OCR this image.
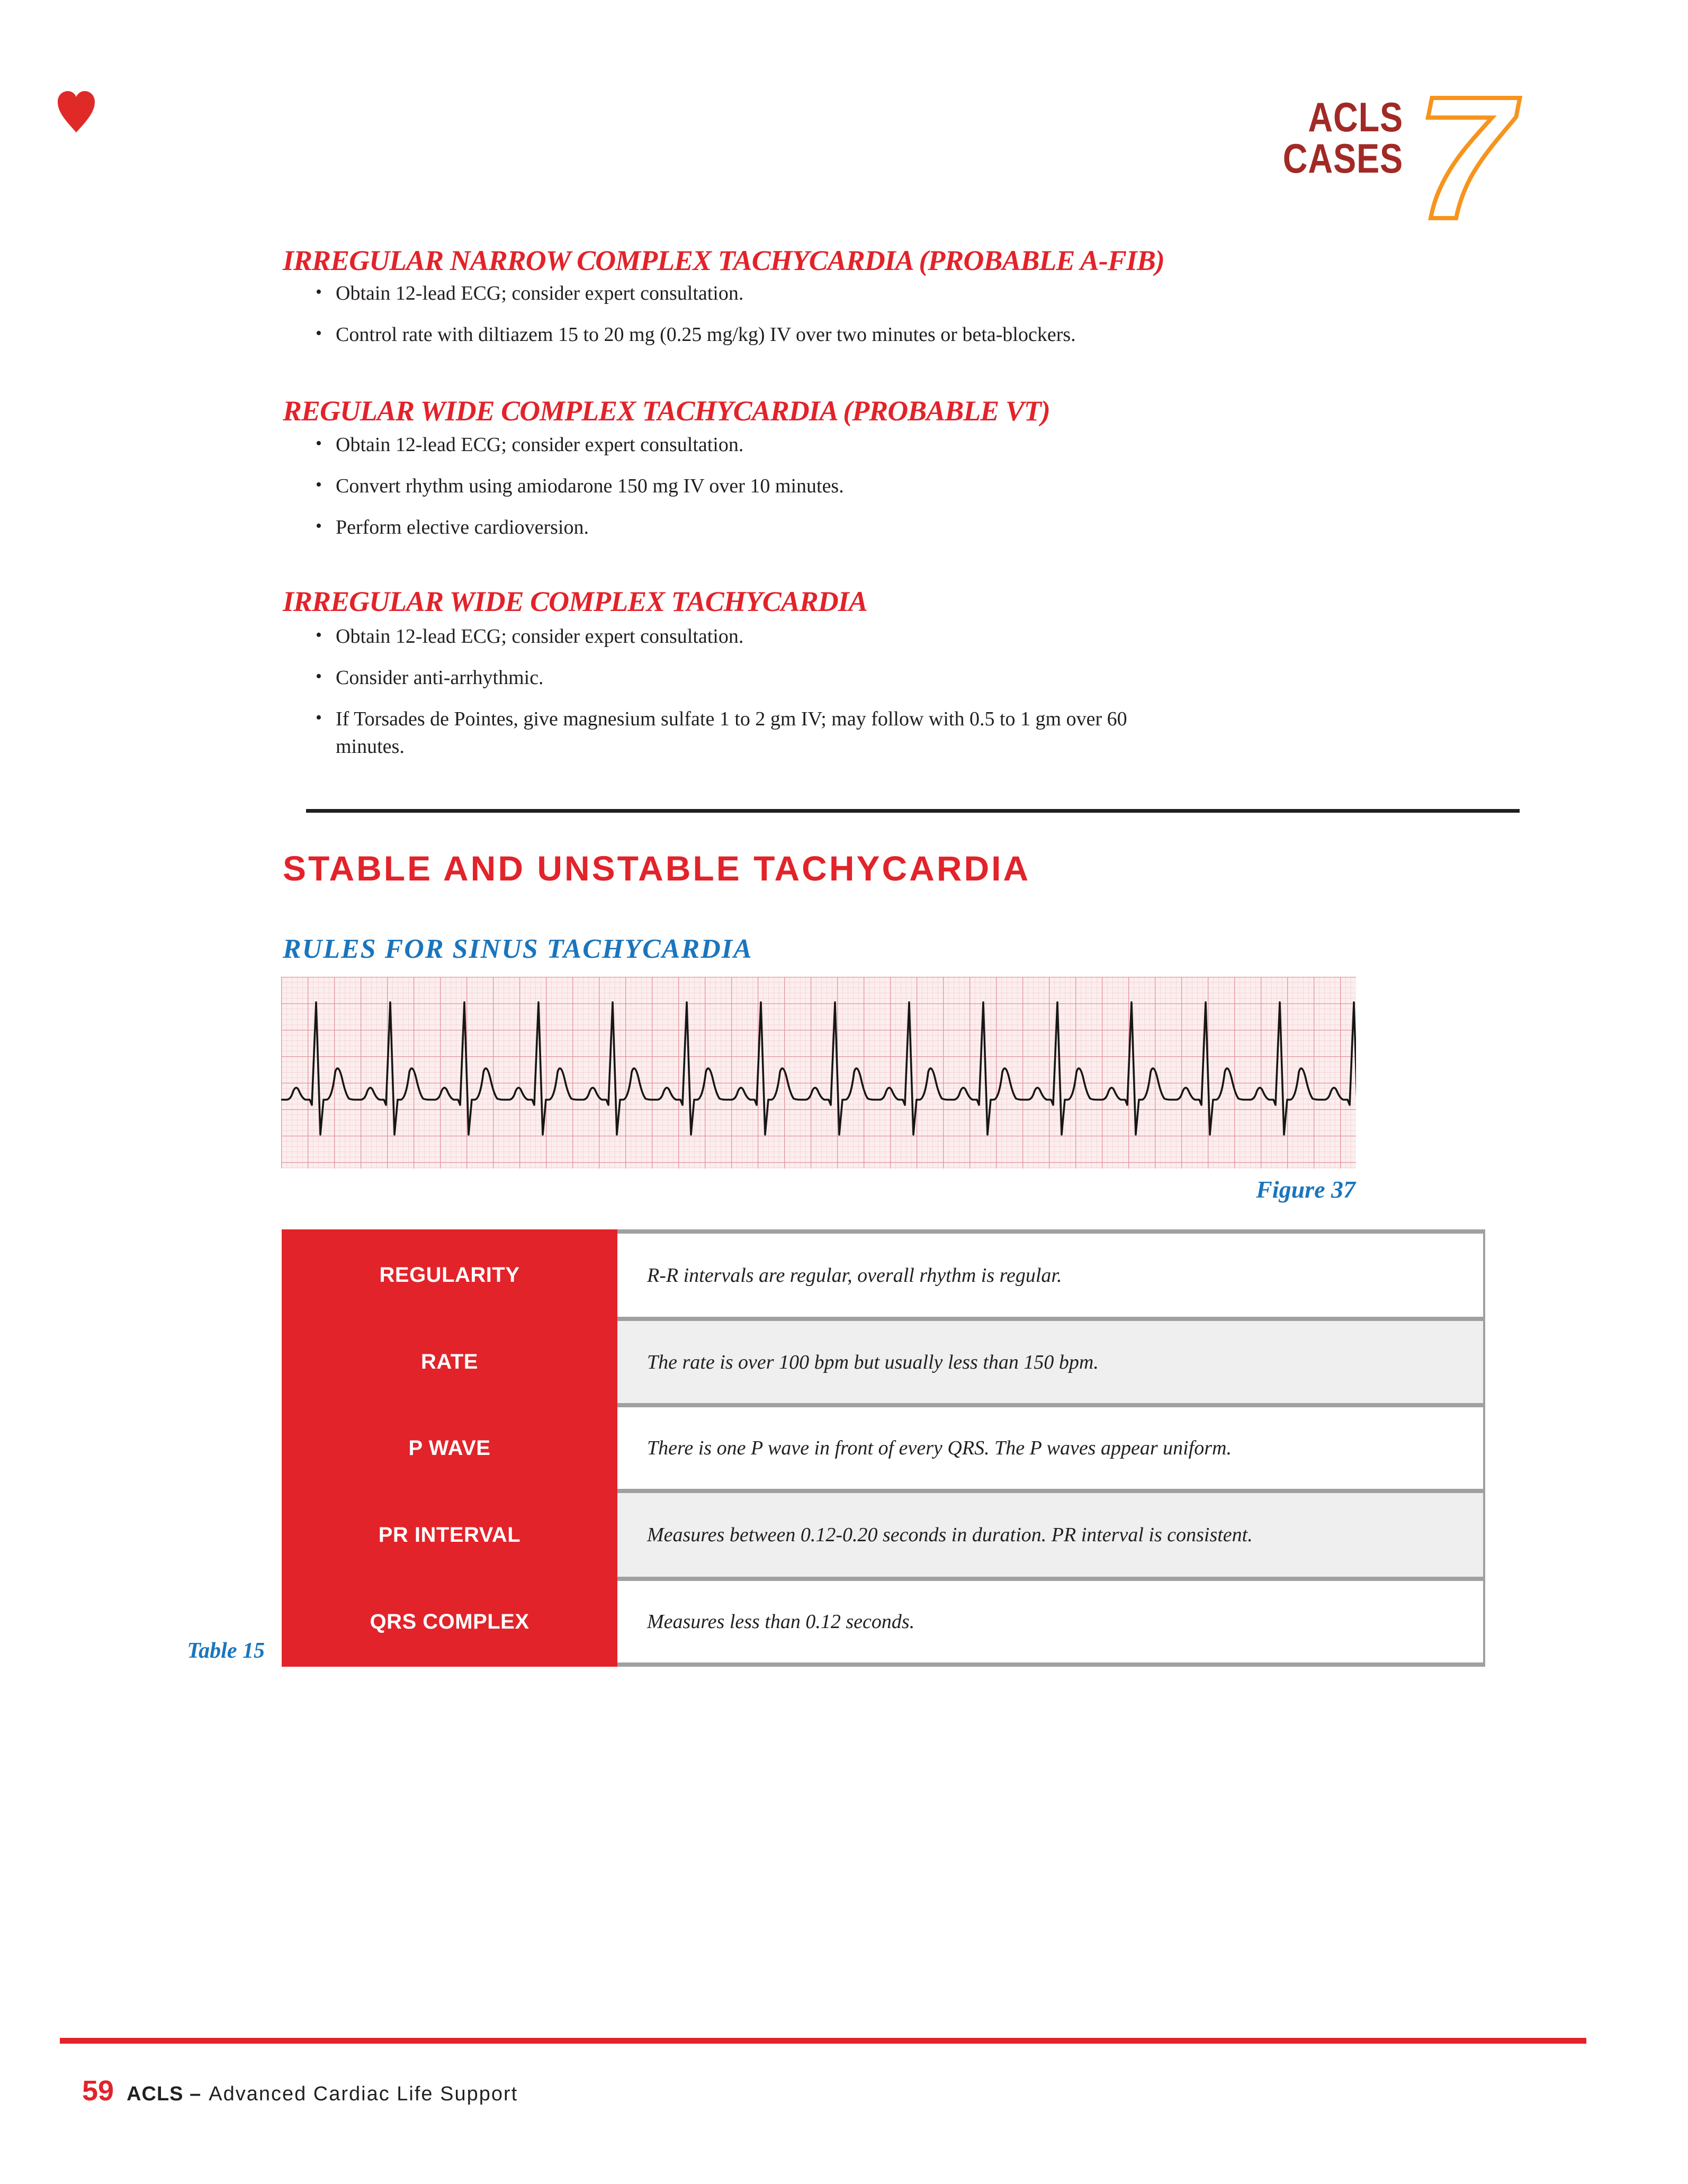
ACLS
CASES 7
IRREGULAR NARROW COMPLEX TACHYCARDIA (PROBABLE A-FIB)
• Obtain 12-lead ECG; consider expert consultation.
• Control rate with diltiazem 15 to 20 mg (0.25 mg/kg) IV over two minutes or beta-blockers.
REGULAR WIDE COMPLEX TACHYCARDIA (PROBABLE VT)
• Obtain 12-lead ECG; consider expert consultation.
• Convert rhythm using amiodarone 150 mg IV over 10 minutes.
• Perform elective cardioversion.
IRREGULAR WIDE COMPLEX TACHYCARDIA
• Obtain 12-lead ECG; consider expert consultation.
• Consider anti-arrhythmic.
• If Torsades de Pointes, give magnesium sulfate 1 to 2 gm IV; may follow with 0.5 to 1 gm over 60 minutes.
STABLE AND UNSTABLE TACHYCARDIA
RULES FOR SINUS TACHYCARDIA
Figure 37
REGULARITY
RATE
P WAVE
PR INTERVAL
QRS COMPLEX
R-R intervals are regular, overall rhythm is regular.
The rate is over 100 bpm but usually less than 150 bpm.
There is one P wave in front of every QRS. The P waves appear uniform.
Measures between 0.12-0.20 seconds in duration. PR interval is consistent.
Measures less than 0.12 seconds.
Table 15
59 ACLS – Advanced Cardiac Life Support
